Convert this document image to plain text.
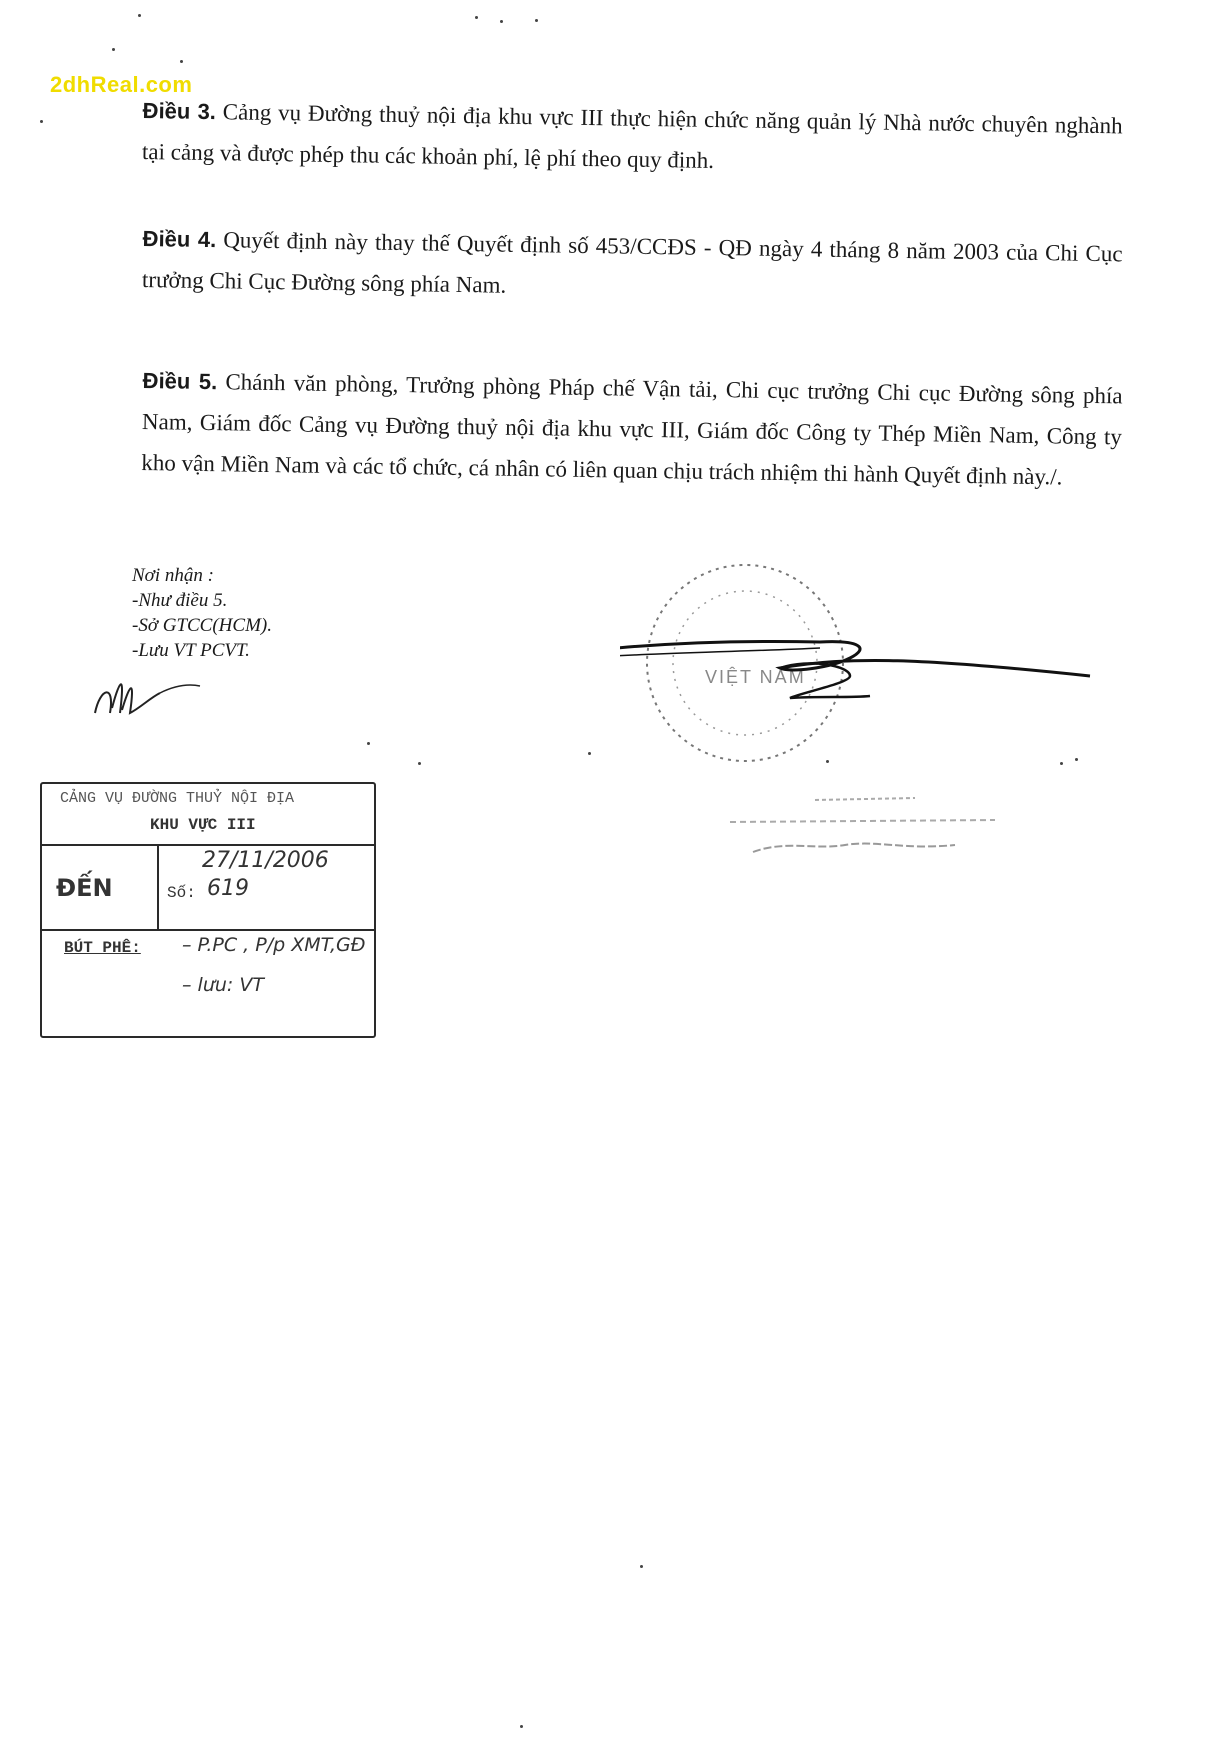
2dhReal.com

Điều 3. Cảng vụ Đường thuỷ nội địa khu vực III thực hiện chức năng quản lý Nhà nước chuyên nghành tại cảng và được phép thu các khoản phí, lệ phí theo quy định.

Điều 4. Quyết định này thay thế Quyết định số 453/CCĐS - QĐ ngày 4 tháng 8 năm 2003 của Chi Cục trưởng Chi Cục Đường sông phía Nam.

Điều 5. Chánh văn phòng, Trưởng phòng Pháp chế Vận tải, Chi cục trưởng Chi cục Đường sông phía Nam, Giám đốc Cảng vụ Đường thuỷ nội địa khu vực III, Giám đốc Công ty Thép Miền Nam, Công ty kho vận Miền Nam và các tổ chức, cá nhân có liên quan chịu trách nhiệm thi hành Quyết định này./.

Nơi nhận :
-Như điều 5.
-Sở GTCC(HCM).
-Lưu VT PCVT.
VIỆT NAM
CẢNG VỤ ĐƯỜNG THUỶ NỘI ĐỊA
KHU VỰC III
ĐẾN
27/11/2006
Số: 619
BÚT PHÊ: – P.PC , P/p XMT,GĐ
– lưu: VT
